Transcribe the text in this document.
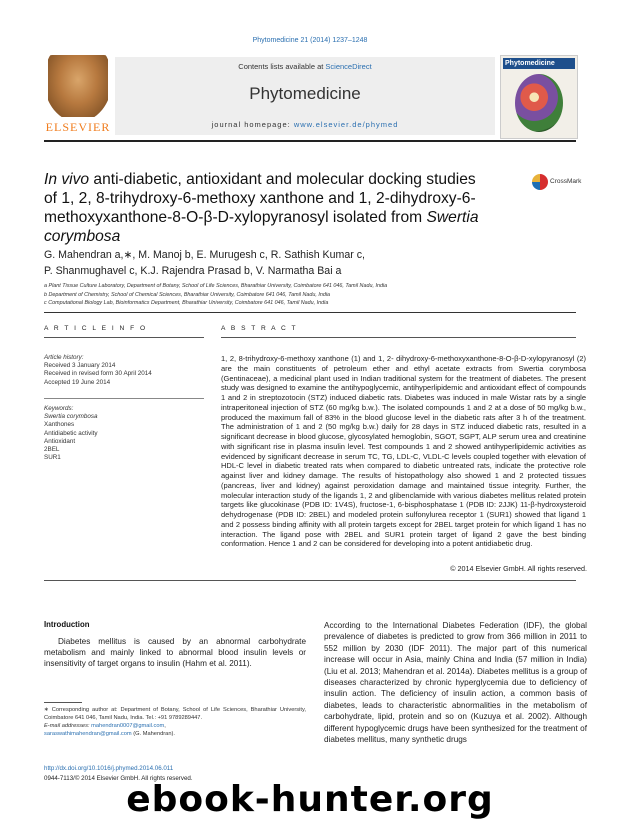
Phytomedicine 21 (2014) 1237–1248
ELSEVIER
Contents lists available at ScienceDirect
Phytomedicine
journal homepage: www.elsevier.de/phymed
Phytomedicine
In vivo anti-diabetic, antioxidant and molecular docking studies of 1, 2, 8-trihydroxy-6-methoxy xanthone and 1, 2-dihydroxy-6-methoxyxanthone-8-O-β-D-xylopyranosyl isolated from Swertia corymbosa
CrossMark
G. Mahendran a,∗, M. Manoj b, E. Murugesh c, R. Sathish Kumar c,
P. Shanmughavel c, K.J. Rajendra Prasad b, V. Narmatha Bai a
a Plant Tissue Culture Laboratory, Department of Botany, School of Life Sciences, Bharathiar University, Coimbatore 641 046, Tamil Nadu, India
b Department of Chemistry, School of Chemical Sciences, Bharathiar University, Coimbatore 641 046, Tamil Nadu, India
c Computational Biology Lab, Bioinformatics Department, Bharathiar University, Coimbatore 641 046, Tamil Nadu, India
A R T I C L E I N F O	A B S T R A C T
Article history:
Received 3 January 2014
Received in revised form 30 April 2014
Accepted 19 June 2014
Keywords:
Swertia corymbosa
Xanthones
Antidiabetic activity
Antioxidant
2BEL
SUR1
1, 2, 8-trihydroxy-6-methoxy xanthone (1) and 1, 2- dihydroxy-6-methoxyxanthone-8-O-β-D-xylopyranosyl (2) are the main constituents of petroleum ether and ethyl acetate extracts from Swertia corymbosa (Gentinaceae), a medicinal plant used in Indian traditional system for the treatment of diabetes. The present study was designed to examine the antihypoglycemic, antihyperlipidemic and antioxidant effect of compounds 1 and 2 in streptozotocin (STZ) induced diabetic rats. Diabetes was induced in male Wistar rats by a single intraperitoneal injection of STZ (60 mg/kg b.w.). The isolated compounds 1 and 2 at a dose of 50 mg/kg b.w., produced the maximum fall of 83% in the blood glucose level in the diabetic rats after 3 h of the treatment. The administration of 1 and 2 (50 mg/kg b.w.) daily for 28 days in STZ induced diabetic rats, resulted in a significant decrease in blood glucose, glycosylated hemoglobin, SGOT, SGPT, ALP serum urea and creatinine with significant rise in plasma insulin level. Test compounds 1 and 2 showed antihyperlipidemic activities as evidenced by significant decrease in serum TC, TG, LDL-C, VLDL-C levels coupled together with elevation of HDL-C level in diabetic treated rats when compared to diabetic untreated rats, indicate the protective role against liver and kidney damage. The results of histopathology also showed 1 and 2 protected tissues (pancreas, liver and kidney) against peroxidation damage and maintained tissue integrity. Further, the molecular interaction study of the ligands 1, 2 and glibenclamide with various diabetes mellitus related protein targets like glucokinase (PDB ID: 1V4S), fructose-1, 6-bisphosphatase 1 (PDB ID: 2JJK) 11-β-hydroxysteroid dehydrogenase (PDB ID: 2BEL) and modeled protein sulfonylurea receptor 1 (SUR1) showed that ligand 1 and 2 possess binding affinity with all protein targets except for 2BEL target protein for which ligand 1 has no interaction. The ligand pose with 2BEL and SUR1 protein target of ligand 2 gave the best binding conformation. Hence 1 and 2 can be considered for developing into a potent antidiabetic drug.
© 2014 Elsevier GmbH. All rights reserved.
Introduction
Diabetes mellitus is caused by an abnormal carbohydrate metabolism and mainly linked to abnormal blood insulin levels or insensitivity of target organs to insulin (Hahm et al. 2011).
According to the International Diabetes Federation (IDF), the global prevalence of diabetes is predicted to grow from 366 million in 2011 to 552 million by 2030 (IDF 2011). The major part of this numerical increase will occur in Asia, mainly China and India (57 million in India) (Liu et al. 2013; Mahendran et al. 2014a). Diabetes mellitus is a group of diseases characterized by chronic hyperglycemia due to deficiency of insulin action. The deficiency of insulin action, a common basis of diabetes, leads to characteristic abnormalities in the metabolism of carbohydrate, lipid, protein and so on (Kuzuya et al. 2002). Although different hypoglycemic drugs have been synthesized for the treatment of diabetes mellitus, many synthetic drugs
∗ Corresponding author at: Department of Botany, School of Life Sciences, Bharathiar University, Coimbatore 641 046, Tamil Nadu, India. Tel.: +91 9789289447.
E-mail addresses: mahendran0007@gmail.com,
saraswathimahendran@gmail.com (G. Mahendran).
http://dx.doi.org/10.1016/j.phymed.2014.06.011
0944-7113/© 2014 Elsevier GmbH. All rights reserved.
ebook-hunter.org
